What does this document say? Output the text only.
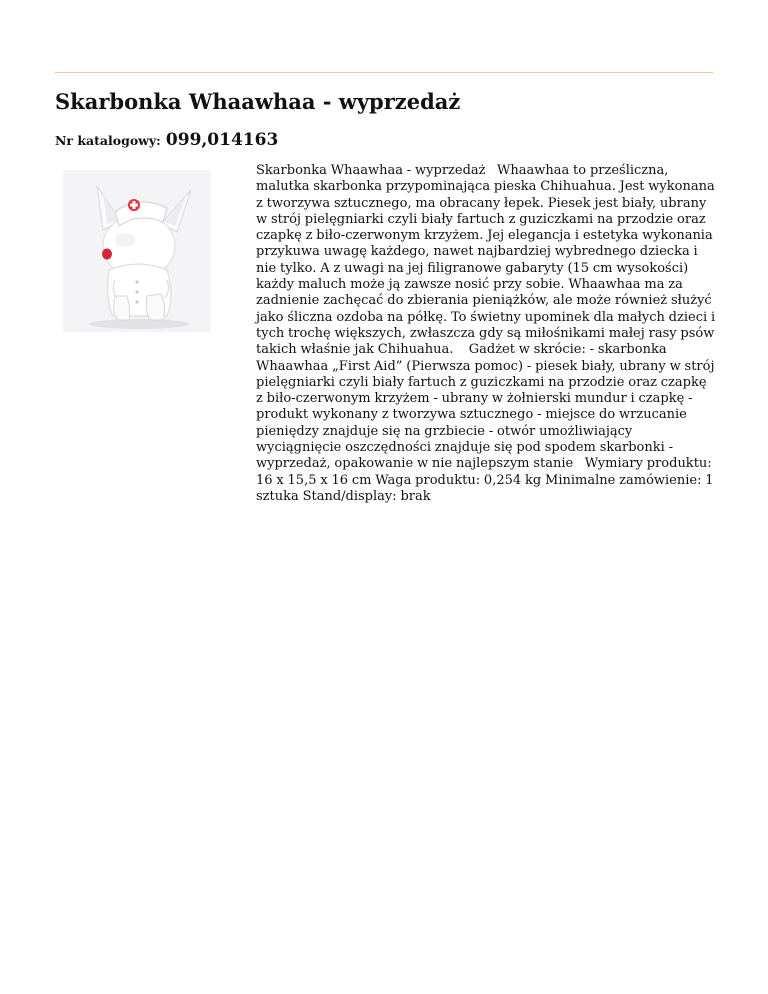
Skarbonka Whaawhaa - wyprzedaż
Nr katalogowy: 099,014163

Skarbonka Whaawhaa - wyprzedaż   Whaawhaa to prześliczna, malutka skarbonka przypominająca pieska Chihuahua. Jest wykonana z tworzywa sztucznego, ma obracany łepek. Piesek jest biały, ubrany w strój pielęgniarki czyli biały fartuch z guziczkami na przodzie oraz czapkę z biło-czerwonym krzyżem. Jej elegancja i estetyka wykonania przykuwa uwagę każdego, nawet najbardziej wybrednego dziecka i nie tylko. A z uwagi na jej filigranowe gabaryty (15 cm wysokości) każdy maluch może ją zawsze nosić przy sobie. Whaawhaa ma za zadnienie zachęcać do zbierania pieniążków, ale może również służyć jako śliczna ozdoba na półkę. To świetny upominek dla małych dzieci i tych trochę większych, zwłaszcza gdy są miłośnikami małej rasy psów takich właśnie jak Chihuahua.    Gadżet w skrócie: - skarbonka Whaawhaa „First Aid” (Pierwsza pomoc) - piesek biały, ubrany w strój pielęgniarki czyli biały fartuch z guziczkami na przodzie oraz czapkę z biło-czerwonym krzyżem - ubrany w żołnierski mundur i czapkę - produkt wykonany z tworzywa sztucznego - miejsce do wrzucanie pieniędzy znajduje się na grzbiecie - otwór umożliwiający wyciągnięcie oszczędności znajduje się pod spodem skarbonki - wyprzedaż, opakowanie w nie najlepszym stanie   Wymiary produktu: 16 x 15,5 x 16 cm Waga produktu: 0,254 kg Minimalne zamówienie: 1 sztuka Stand/display: brak
